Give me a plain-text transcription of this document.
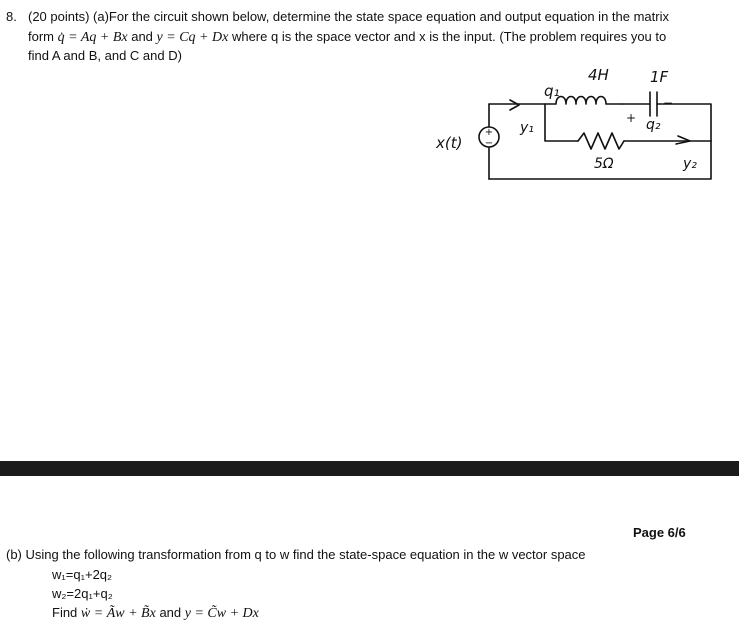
8. (20 points) (a)For the circuit shown below, determine the state space equation and output equation in the matrix
form q̇ = Aq + Bx and y = Cq + Dx where q is the space vector and x is the input. (The problem requires you to
find A and B, and C and D)
+
−
4H	1F
q₁
+
−
q₂
y₁
y₂
5Ω
x(t)
Page 6/6
(b) Using the following transformation from q to w find the state-space equation in the w vector space
w₁=q₁+2q₂
w₂=2q₁+q₂
Find ẇ = Ãw + B̃x and y = C̃w + Dx
